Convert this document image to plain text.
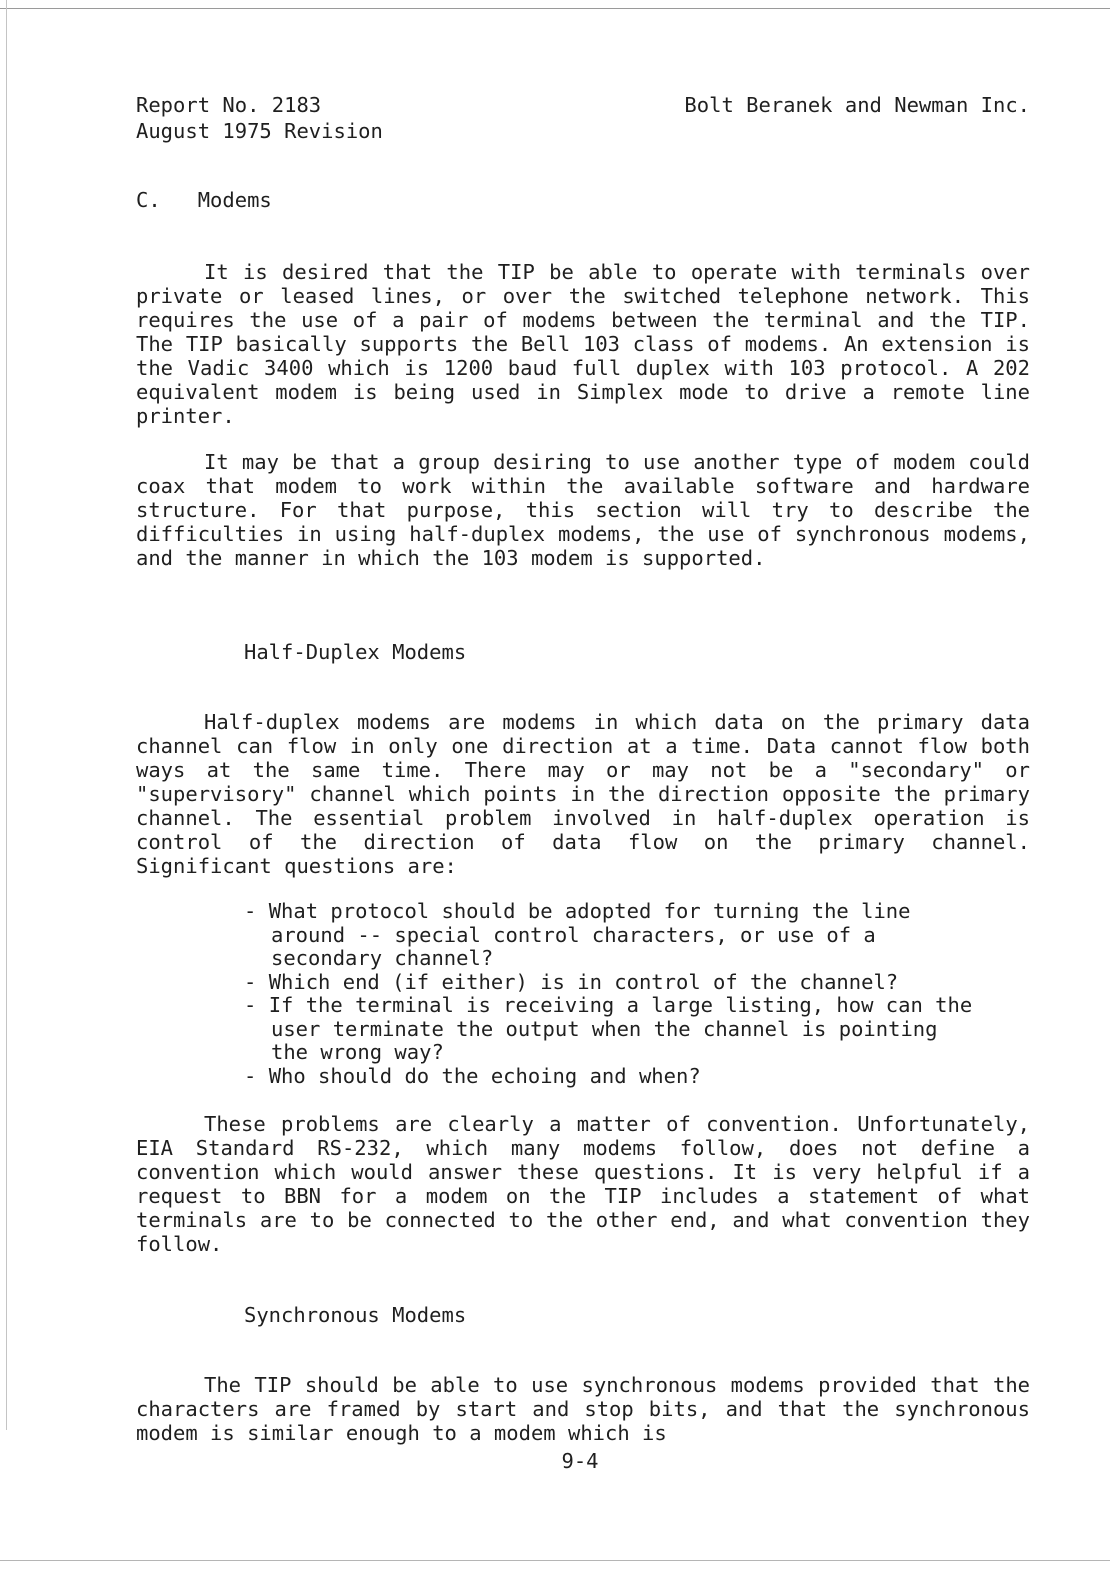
Report No. 2183
August 1975 Revision
Bolt Beranek and Newman Inc.
C.   Modems

It is desired that the TIP be able to operate with terminals over private or leased lines, or over the switched telephone network. This requires the use of a pair of modems between the terminal and the TIP. The TIP basically supports the Bell 103 class of modems. An extension is the Vadic 3400 which is 1200 baud full duplex with 103 protocol. A 202 equivalent modem is being used in Simplex mode to drive a remote line printer.

It may be that a group desiring to use another type of modem could coax that modem to work within the available software and hardware structure. For that purpose, this section will try to describe the difficulties in using half-duplex modems, the use of synchronous modems, and the manner in which the 103 modem is supported.

Half-Duplex Modems

Half-duplex modems are modems in which data on the primary data channel can flow in only one direction at a time. Data cannot flow both ways at the same time. There may or may not be a "secondary" or "supervisory" channel which points in the direction opposite the primary channel. The essential problem involved in half-duplex operation is control of the direction of data flow on the primary channel. Significant questions are:

- What protocol should be adopted for turning the line around -- special control characters, or use of a secondary channel?
- Which end (if either) is in control of the channel?
- If the terminal is receiving a large listing, how can the user terminate the output when the channel is pointing the wrong way?
- Who should do the echoing and when?

These problems are clearly a matter of convention. Unfortunately, EIA Standard RS-232, which many modems follow, does not define a convention which would answer these questions. It is very helpful if a request to BBN for a modem on the TIP includes a statement of what terminals are to be connected to the other end, and what convention they follow.

Synchronous Modems

The TIP should be able to use synchronous modems provided that the characters are framed by start and stop bits, and that the synchronous modem is similar enough to a modem which is

9-4
